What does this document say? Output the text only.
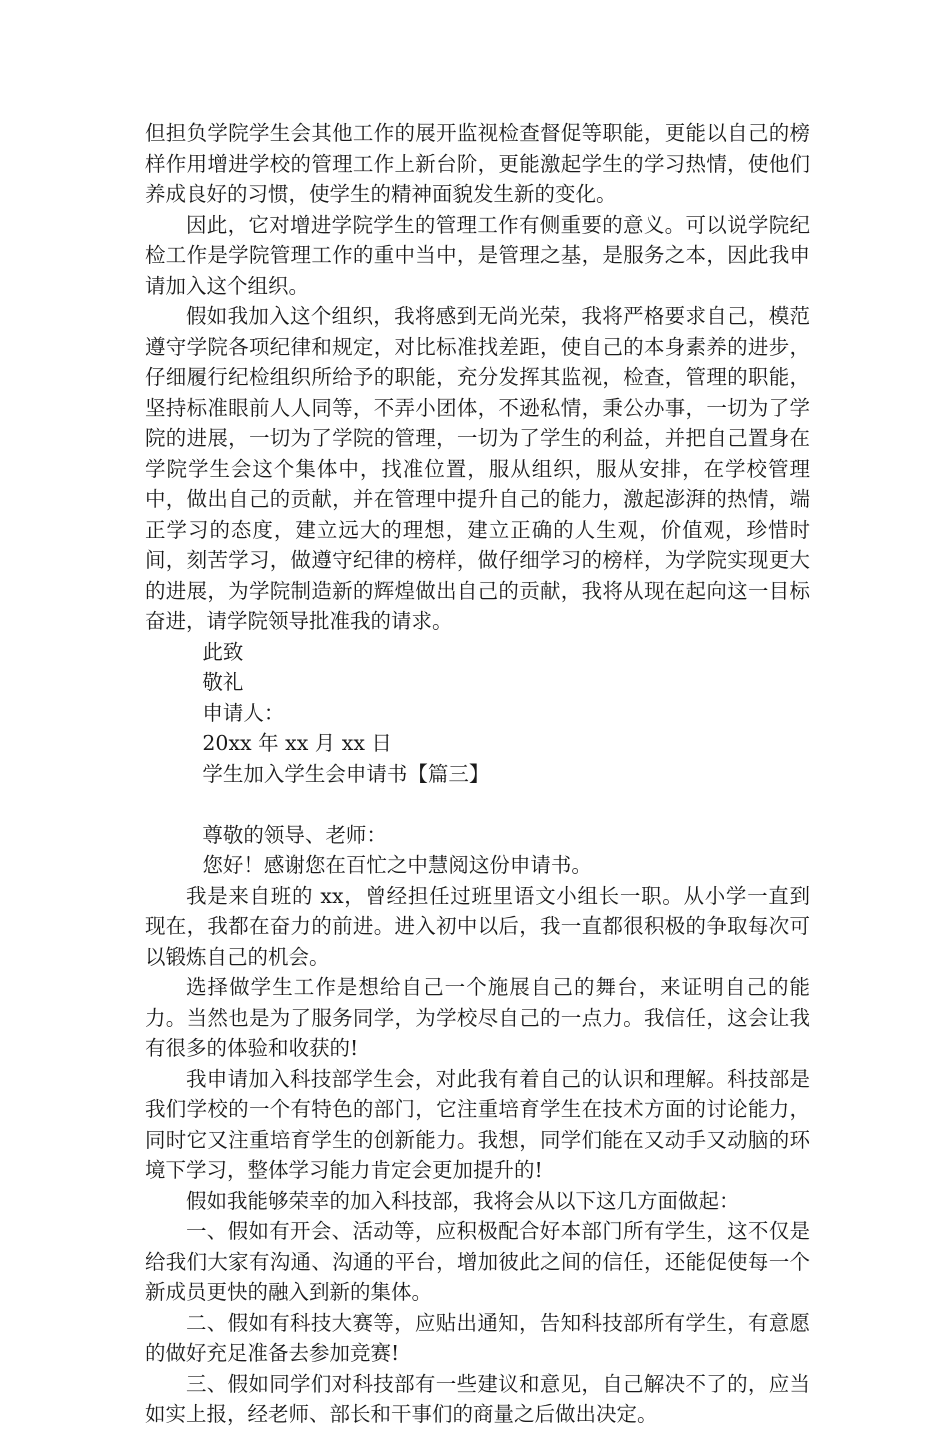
但担负学院学生会其他工作的展开监视检查督促等职能，更能以自己的榜样作用增进学校的管理工作上新台阶，更能激起学生的学习热情，使他们养成良好的习惯，使学生的精神面貌发生新的变化。

因此，它对增进学院学生的管理工作有侧重要的意义。可以说学院纪检工作是学院管理工作的重中当中，是管理之基，是服务之本，因此我申请加入这个组织。

假如我加入这个组织，我将感到无尚光荣，我将严格要求自己，模范遵守学院各项纪律和规定，对比标准找差距，使自己的本身素养的进步，仔细履行纪检组织所给予的职能，充分发挥其监视，检查，管理的职能，坚持标准眼前人人同等，不弄小团体，不逊私情，秉公办事，一切为了学院的进展，一切为了学院的管理，一切为了学生的利益，并把自己置身在学院学生会这个集体中，找准位置，服从组织，服从安排，在学校管理中，做出自己的贡献，并在管理中提升自己的能力，激起澎湃的热情，端正学习的态度，建立远大的理想，建立正确的人生观，价值观，珍惜时间，刻苦学习，做遵守纪律的榜样，做仔细学习的榜样，为学院实现更大的进展，为学院制造新的辉煌做出自己的贡献，我将从现在起向这一目标奋进，请学院领导批准我的请求。

此致

敬礼

申请人：

20xx 年 xx 月 xx 日

学生加入学生会申请书【篇三】

尊敬的领导、老师：

您好！感谢您在百忙之中慧阅这份申请书。

我是来自班的 xx，曾经担任过班里语文小组长一职。从小学一直到现在，我都在奋力的前进。进入初中以后，我一直都很积极的争取每次可以锻炼自己的机会。

选择做学生工作是想给自己一个施展自己的舞台，来证明自己的能力。当然也是为了服务同学，为学校尽自己的一点力。我信任，这会让我有很多的体验和收获的!

我申请加入科技部学生会，对此我有着自己的认识和理解。科技部是我们学校的一个有特色的部门，它注重培育学生在技术方面的讨论能力，同时它又注重培育学生的创新能力。我想，同学们能在又动手又动脑的环境下学习，整体学习能力肯定会更加提升的!

假如我能够荣幸的加入科技部，我将会从以下这几方面做起：

一、假如有开会、活动等，应积极配合好本部门所有学生，这不仅是给我们大家有沟通、沟通的平台，增加彼此之间的信任，还能促使每一个新成员更快的融入到新的集体。

二、假如有科技大赛等，应贴出通知，告知科技部所有学生，有意愿的做好充足准备去参加竞赛!

三、假如同学们对科技部有一些建议和意见，自己解决不了的，应当如实上报，经老师、部长和干事们的商量之后做出决定。
